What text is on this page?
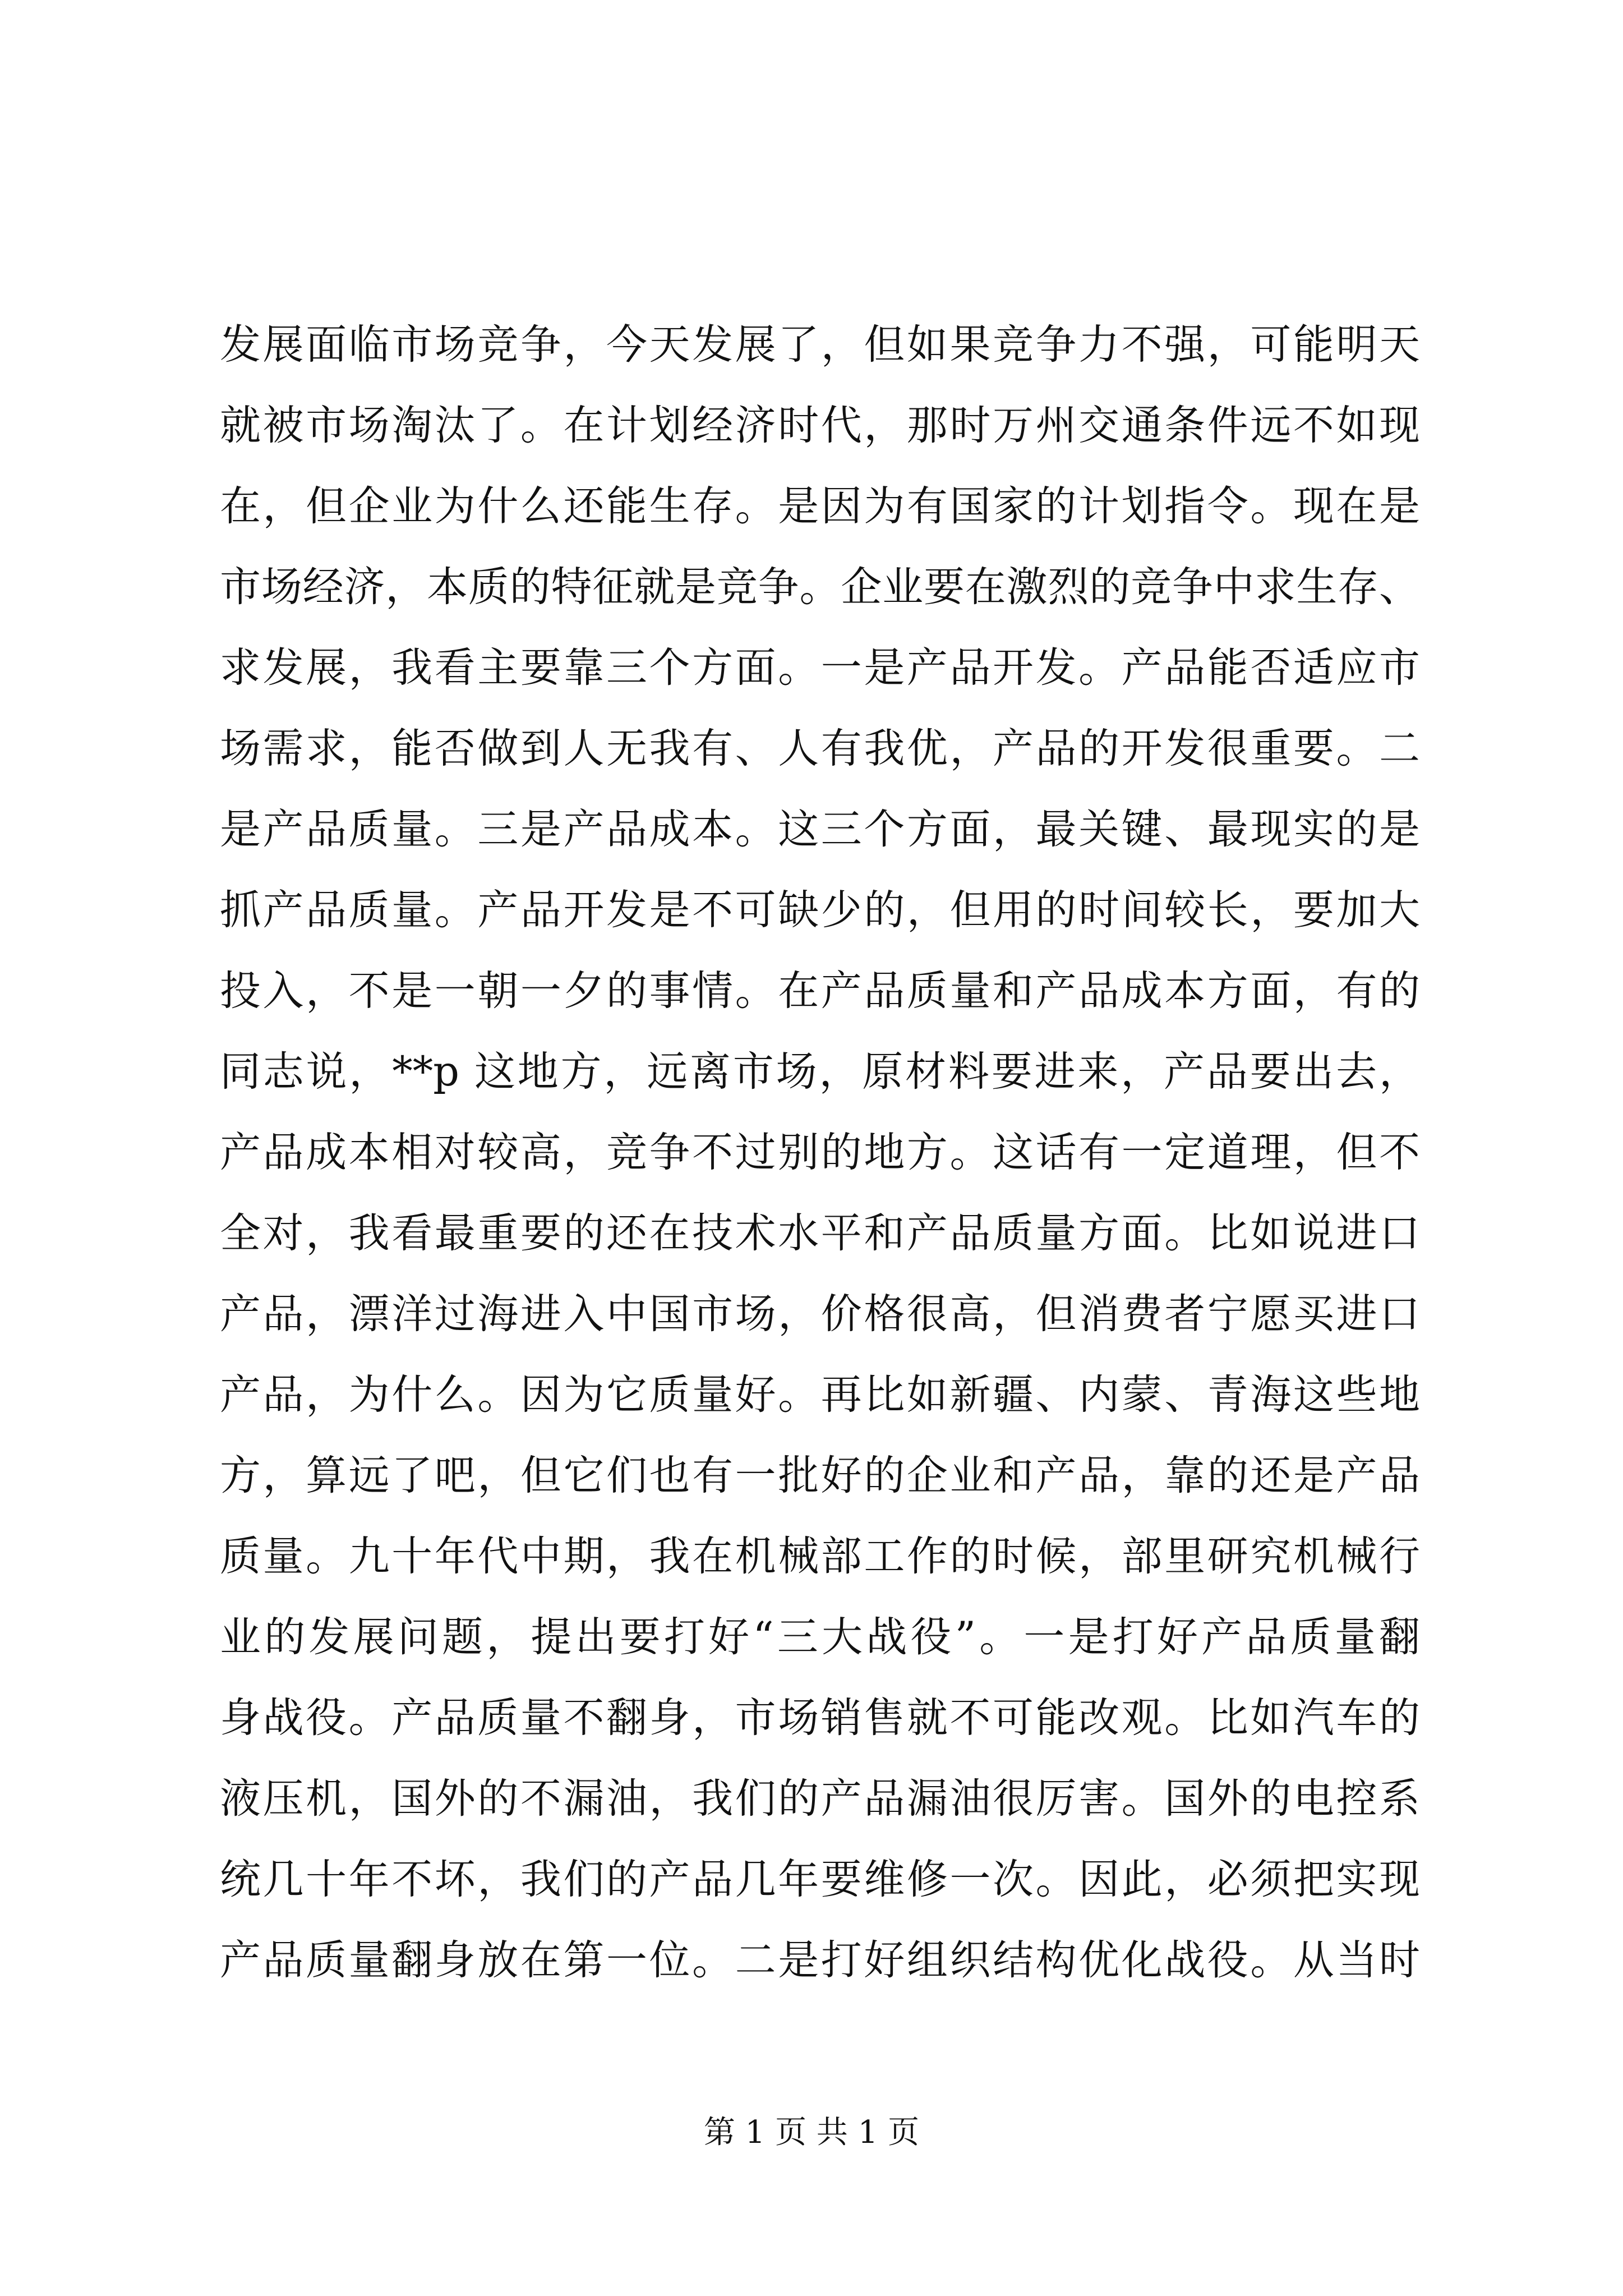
发展面临市场竞争，今天发展了，但如果竞争力不强，可能明天
就被市场淘汰了。在计划经济时代，那时万州交通条件远不如现
在，但企业为什么还能生存。是因为有国家的计划指令。现在是
市场经济，本质的特征就是竞争。企业要在激烈的竞争中求生存、
求发展，我看主要靠三个方面。一是产品开发。产品能否适应市
场需求，能否做到人无我有、人有我优，产品的开发很重要。二
是产品质量。三是产品成本。这三个方面，最关键、最现实的是
抓产品质量。产品开发是不可缺少的，但用的时间较长，要加大
投入，不是一朝一夕的事情。在产品质量和产品成本方面，有的
同志说，**p 这地方，远离市场，原材料要进来，产品要出去，
产品成本相对较高，竞争不过别的地方。这话有一定道理，但不
全对，我看最重要的还在技术水平和产品质量方面。比如说进口
产品，漂洋过海进入中国市场，价格很高，但消费者宁愿买进口
产品，为什么。因为它质量好。再比如新疆、内蒙、青海这些地
方，算远了吧，但它们也有一批好的企业和产品，靠的还是产品
质量。九十年代中期，我在机械部工作的时候，部里研究机械行
业的发展问题，提出要打好“三大战役”。一是打好产品质量翻
身战役。产品质量不翻身，市场销售就不可能改观。比如汽车的
液压机，国外的不漏油，我们的产品漏油很厉害。国外的电控系
统几十年不坏，我们的产品几年要维修一次。因此，必须把实现
产品质量翻身放在第一位。二是打好组织结构优化战役。从当时
第 1 页 共 1 页
